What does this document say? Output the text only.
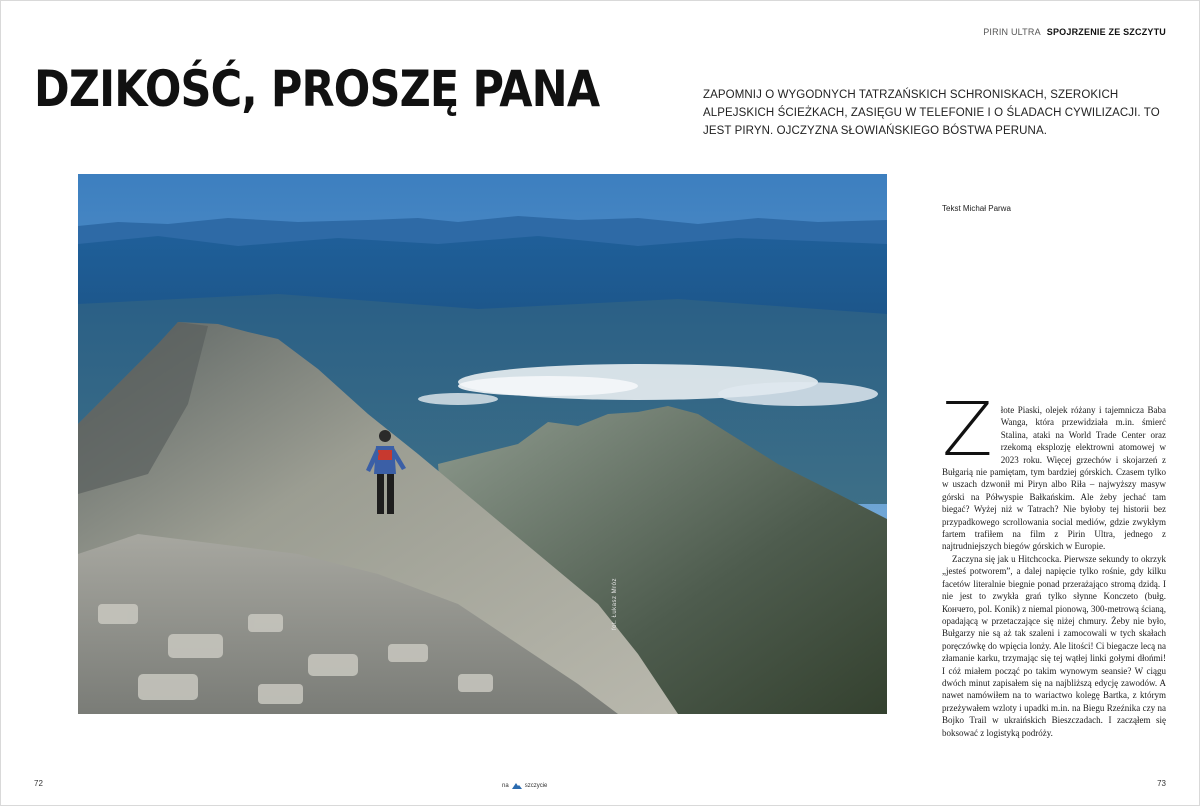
PIRIN ULTRA SPOJRZENIE ZE SZCZYTU
DZIKOŚĆ, PROSZĘ PANA	ZAPOMNIJ O WYGODNYCH TATRZAŃSKICH SCHRONISKACH, SZEROKICH ALPEJSKICH ŚCIEŻKACH, ZASIĘGU W TELEFONIE I O ŚLADACH CYWILIZACJI. TO JEST PIRYN. OJCZYZNA SŁOWIAŃSKIEGO BÓSTWA PERUNA.
fot. Łukasz Mróz
Tekst Michał Parwa

Złote Piaski, olejek różany i tajemnicza Baba Wanga, która przewidziała m.in. śmierć Stalina, ataki na World Trade Center oraz rzekomą eksplozję elektrowni atomowej w 2023 roku. Więcej grzechów i skojarzeń z Bułgarią nie pamiętam, tym bardziej górskich. Czasem tylko w uszach dzwonił mi Piryn albo Riła – najwyższy masyw górski na Półwyspie Bałkańskim. Ale żeby jechać tam biegać? Wyżej niż w Tatrach? Nie byłoby tej historii bez przypadkowego scrollowania social mediów, gdzie zwykłym fartem trafiłem na film z Pirin Ultra, jednego z najtrudniejszych biegów górskich w Europie.

Zaczyna się jak u Hitchcocka. Pierwsze sekundy to okrzyk „jesteś potworem”, a dalej napięcie tylko rośnie, gdy kilku facetów literalnie biegnie ponad przerażająco stromą dzidą. I nie jest to zwykła grań tylko słynne Konczeto (bułg. Кончето, pol. Konik) z niemal pionową, 300-metrową ścianą, opadającą w przetaczające się niżej chmury. Żeby nie było, Bułgarzy nie są aż tak szaleni i zamocowali w tych skałach poręczówkę do wpięcia lonży. Ale litości! Ci biegacze lecą na złamanie karku, trzymając się tej wątłej linki gołymi dłońmi! I cóż miałem począć po takim wynowym seansie? W ciągu dwóch minut zapisałem się na najbliższą edycję zawodów. A nawet namówiłem na to wariactwo kolegę Bartka, z którym przeżywałem wzloty i upadki m.in. na Biegu Rzeźnika czy na Bojko Trail w ukraińskich Bieszczadach. I zacząłem się boksować z logistyką podróży.

72	na	szczycie	73
